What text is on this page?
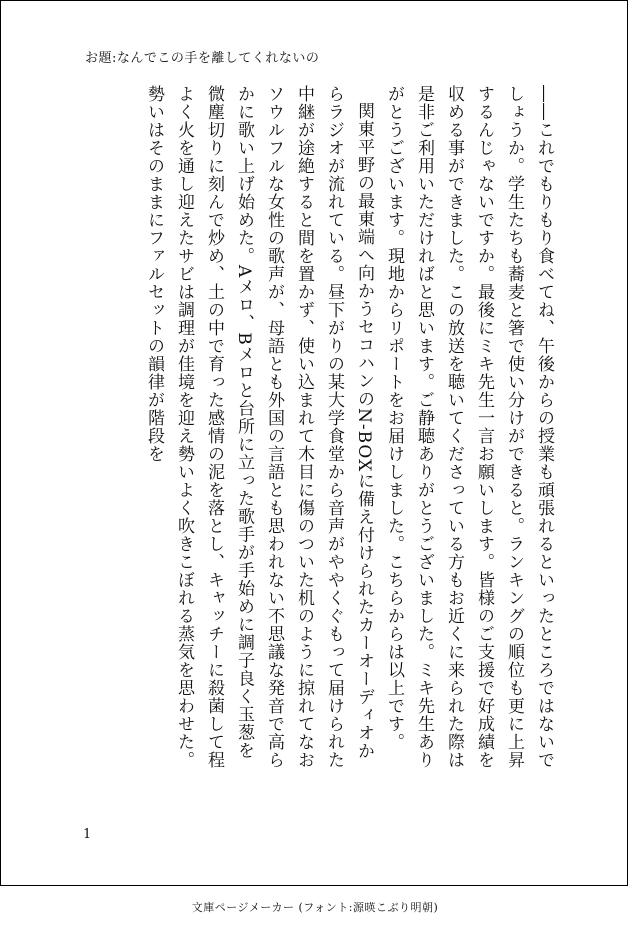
お題:なんでこの手を離してくれないの

――これでもりもり食べてね、午後からの授業も頑張れるといったところではないでしょうか。学生たちも蕎麦と箸で使い分けができると。ランキングの順位も更に上昇するんじゃないですか。最後にミキ先生一言お願いします。皆様のご支援で好成績を収める事ができました。この放送を聴いてくださっている方もお近くに来られた際は是非ご利用いただければと思います。ご静聴ありがとうございました。ミキ先生ありがとうございます。現地からリポートをお届けしました。こちらからは以上です。

関東平野の最東端へ向かうセコハンのN-BOXに備え付けられたカーオーディオからラジオが流れている。昼下がりの某大学食堂から音声がややくぐもって届けられた中継が途絶すると間を置かず、使い込まれて木目に傷のついた机のように掠れてなおソウルフルな女性の歌声が、母語とも外国の言語とも思われない不思議な発音で高らかに歌い上げ始めた。Aメロ、Bメロと台所に立った歌手が手始めに調子良く玉葱を微塵切りに刻んで炒め、土の中で育った感情の泥を落とし、キャッチーに殺菌して程よく火を通し迎えたサビは調理が佳境を迎え勢いよく吹きこぼれる蒸気を思わせた。勢いはそのままにファルセットの韻律が階段を

1
文庫ページメーカー (フォント:源暎こぶり明朝)
